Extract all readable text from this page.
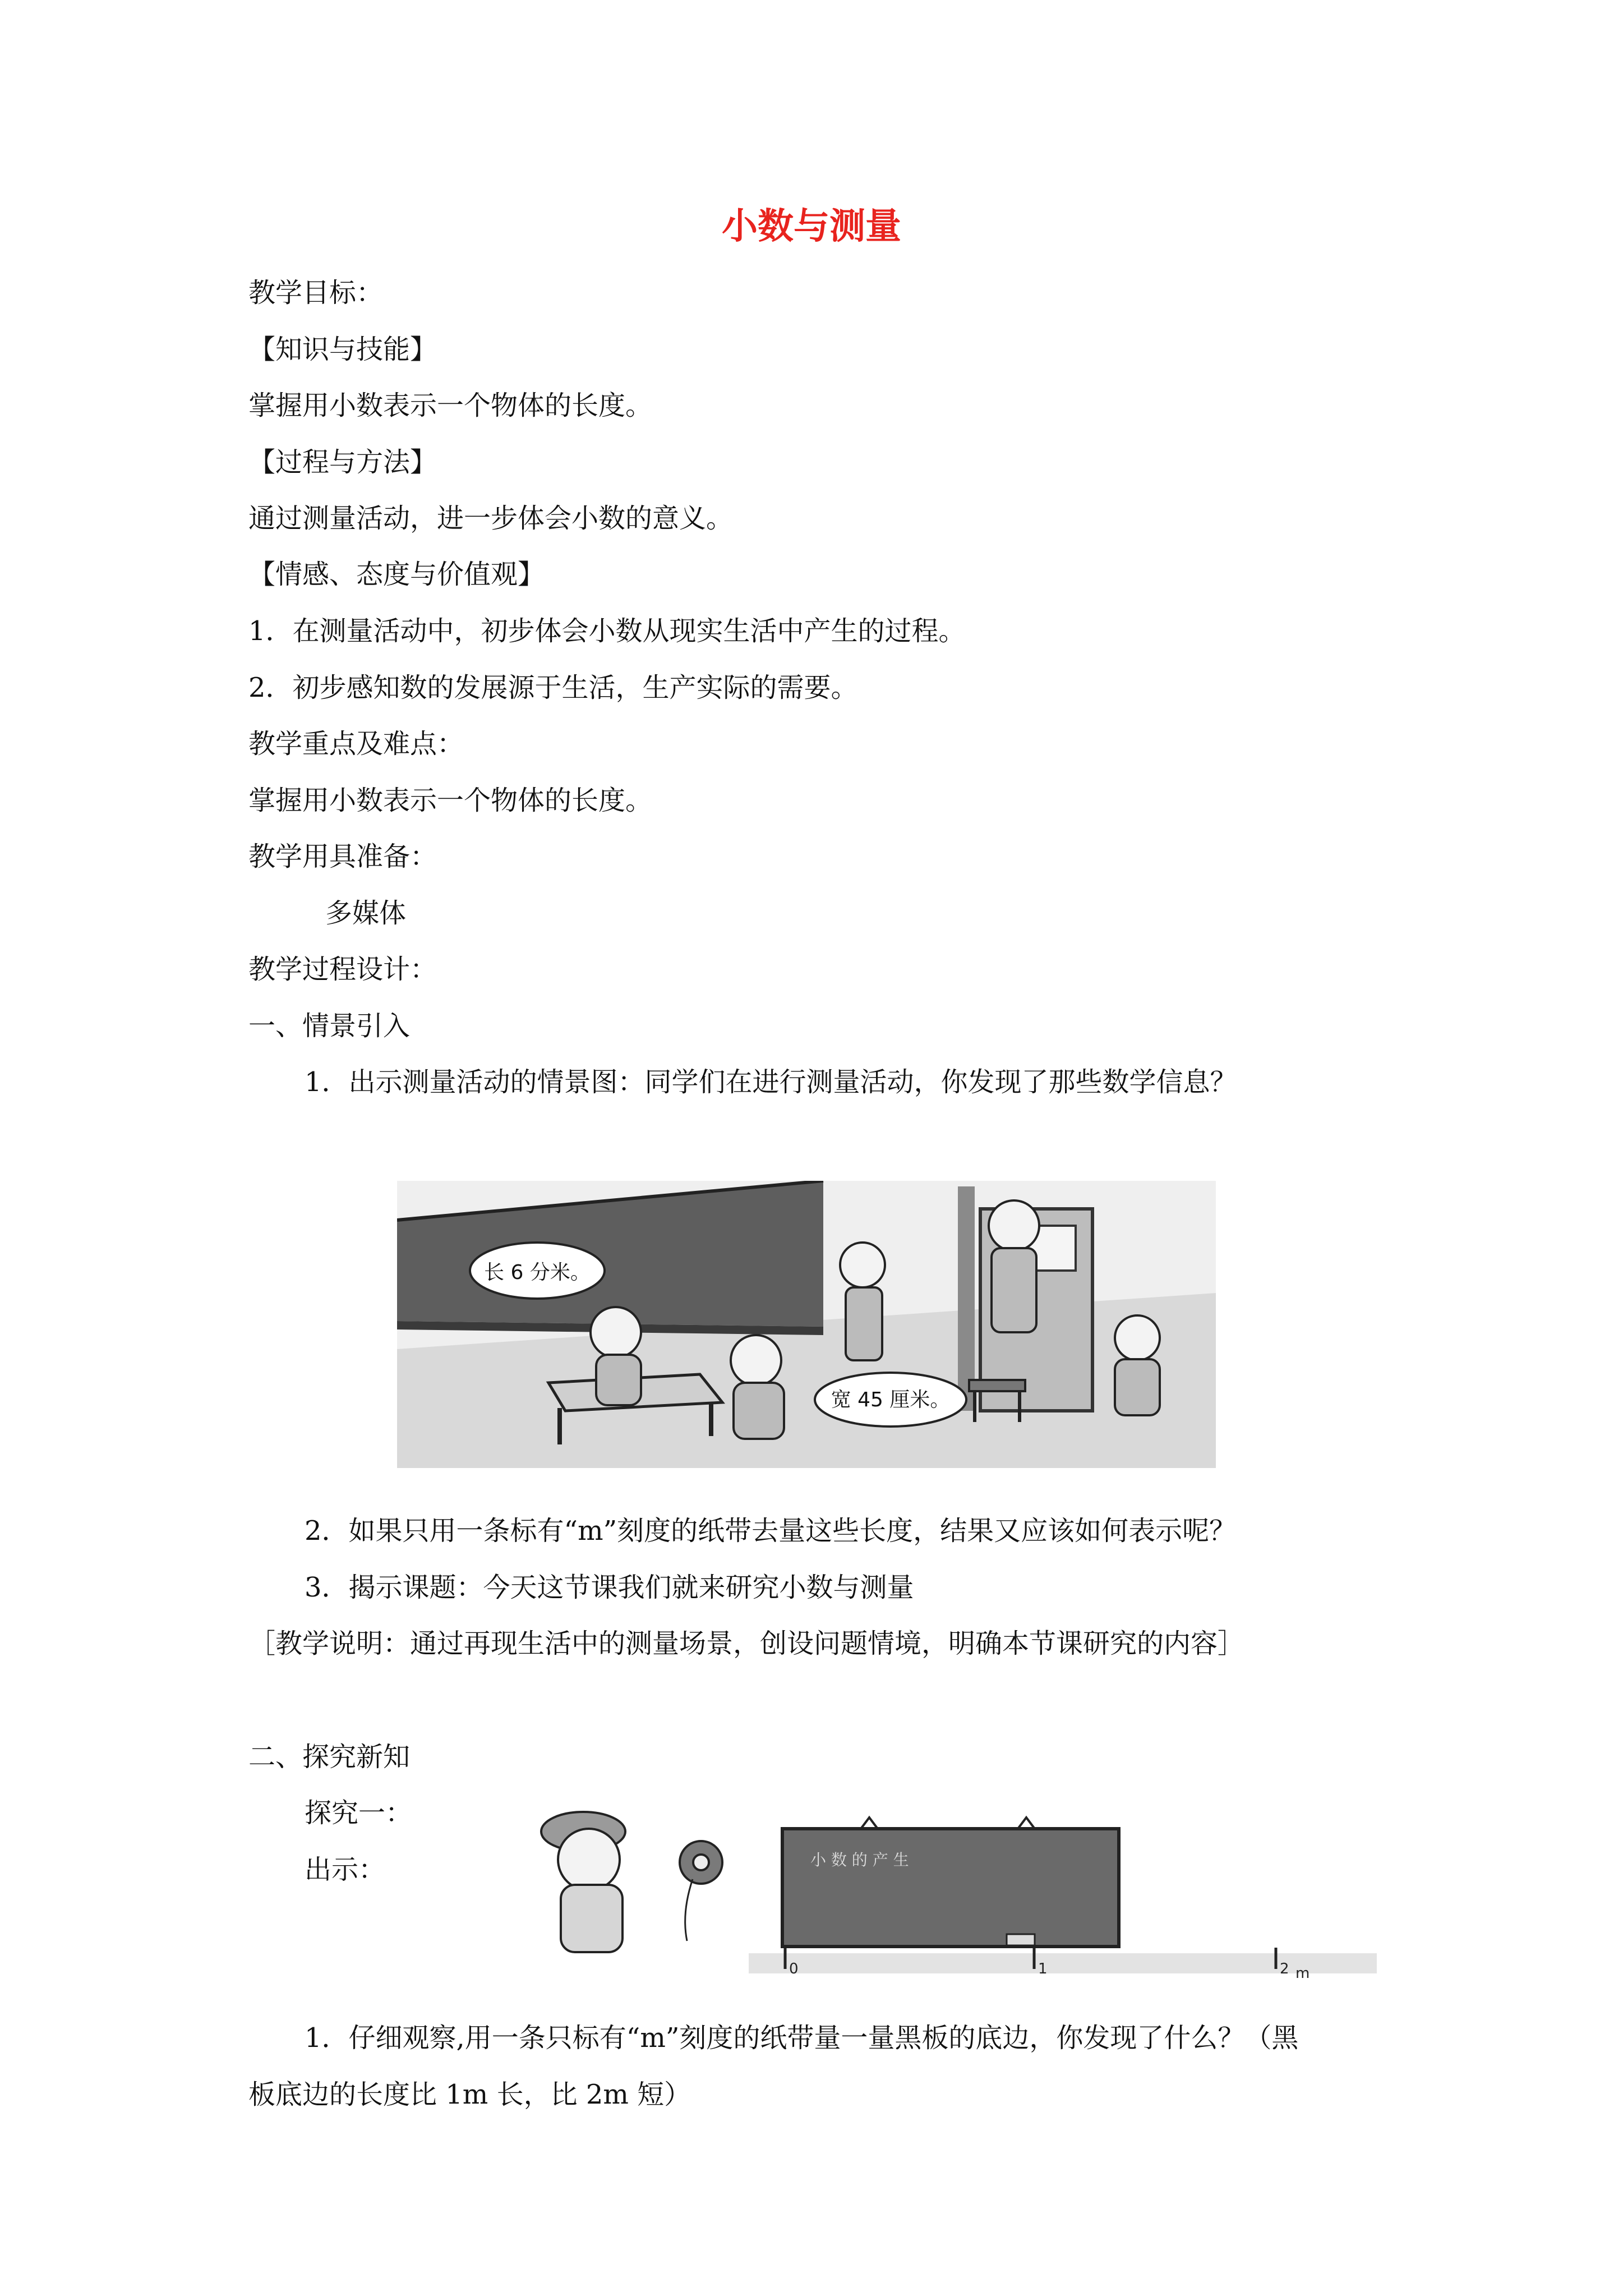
小数与测量
教学目标：
【知识与技能】
掌握用小数表示一个物体的长度。
【过程与方法】
通过测量活动，进一步体会小数的意义。
【情感、态度与价值观】
1．在测量活动中，初步体会小数从现实生活中产生的过程。
2．初步感知数的发展源于生活，生产实际的需要。
教学重点及难点：
掌握用小数表示一个物体的长度。
教学用具准备：
多媒体
教学过程设计：
一、情景引入
1．出示测量活动的情景图：同学们在进行测量活动，你发现了那些数学信息？
长 6 分米。
宽 45 厘米。
2．如果只用一条标有“m”刻度的纸带去量这些长度，结果又应该如何表示呢？
3．揭示课题：今天这节课我们就来研究小数与测量
［教学说明：通过再现生活中的测量场景，创设问题情境，明确本节课研究的内容］
二、探究新知
探究一：
出示：	小 数 的 产 生
0	1	2 m
1．仔细观察,用一条只标有“m”刻度的纸带量一量黑板的底边，你发现了什么？（黑
板底边的长度比 1m 长，比 2m 短）
